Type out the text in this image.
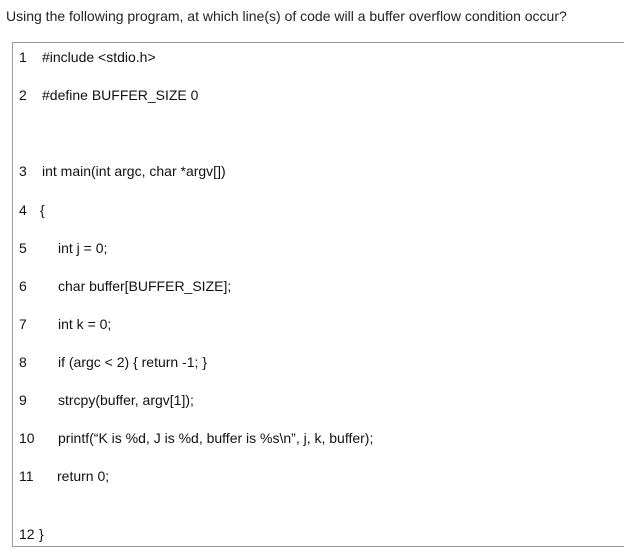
Using the following program, at which line(s) of code will a buffer overflow condition occur?
1 #include <stdio.h>
2 #define BUFFER_SIZE 0
3 int main(int argc, char *argv[])
4 {
5 int j = 0;
6 char buffer[BUFFER_SIZE];
7 int k = 0;
8 if (argc < 2) { return -1; }
9 strcpy(buffer, argv[1]);
10 printf(“K is %d, J is %d, buffer is %s\n”, j, k, buffer);
11 return 0;
12 }
